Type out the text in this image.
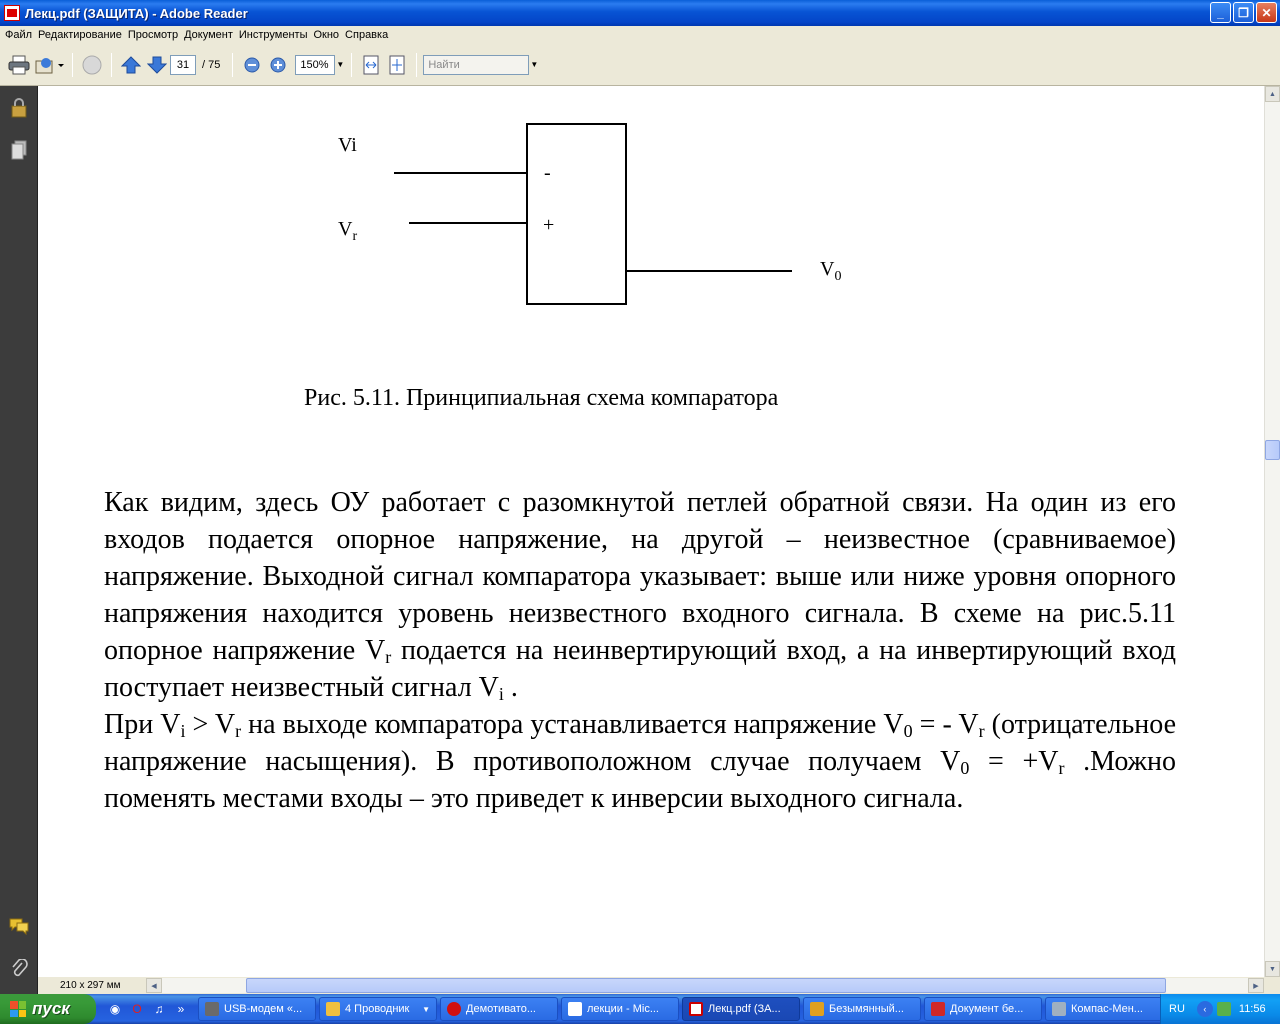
Лекц.pdf (ЗАЩИТА) - Adobe Reader	_	❐	✕
Файл Редактирование Просмотр Документ Инструменты Окно Справка
31	/ 75	150% ▼	Найти	▼
Vi
$V_r$
-
+
$V_0$
Рис. 5.11. Принципиальная схема компаратора
Как видим, здесь ОУ работает с разомкнутой петлей обратной связи. На один из его входов подается опорное напряжение, на другой – неизвестное (сравниваемое) напряжение. Выходной сигнал компаратора указывает: выше или ниже уровня опорного напряжения находится уровень неизвестного входного сигнала. В схеме на рис.5.11 опорное напряжение $V_r$ подается на неинвертирующий вход, а на инвертирующий вход поступает неизвестный сигнал $V_i$ .
При $V_i > V_r$ на выходе компаратора устанавливается напряжение $V_0$ = - $V_r$ (отрицательное напряжение насыщения). В противоположном случае получаем $V_0 = +V_r$ .Можно поменять местами входы – это приведет к инверсии выходного сигнала.
▲
▼
210 x 297 мм	◀	▶
пуск	◉	O	♫	»	USB-модем «...	4 Проводник ▼	Демотивато...	лекции - Mic...	Лекц.pdf (ЗА...	Безымянный...	Документ бе...	Компас-Мен... RU	‹	11:56
